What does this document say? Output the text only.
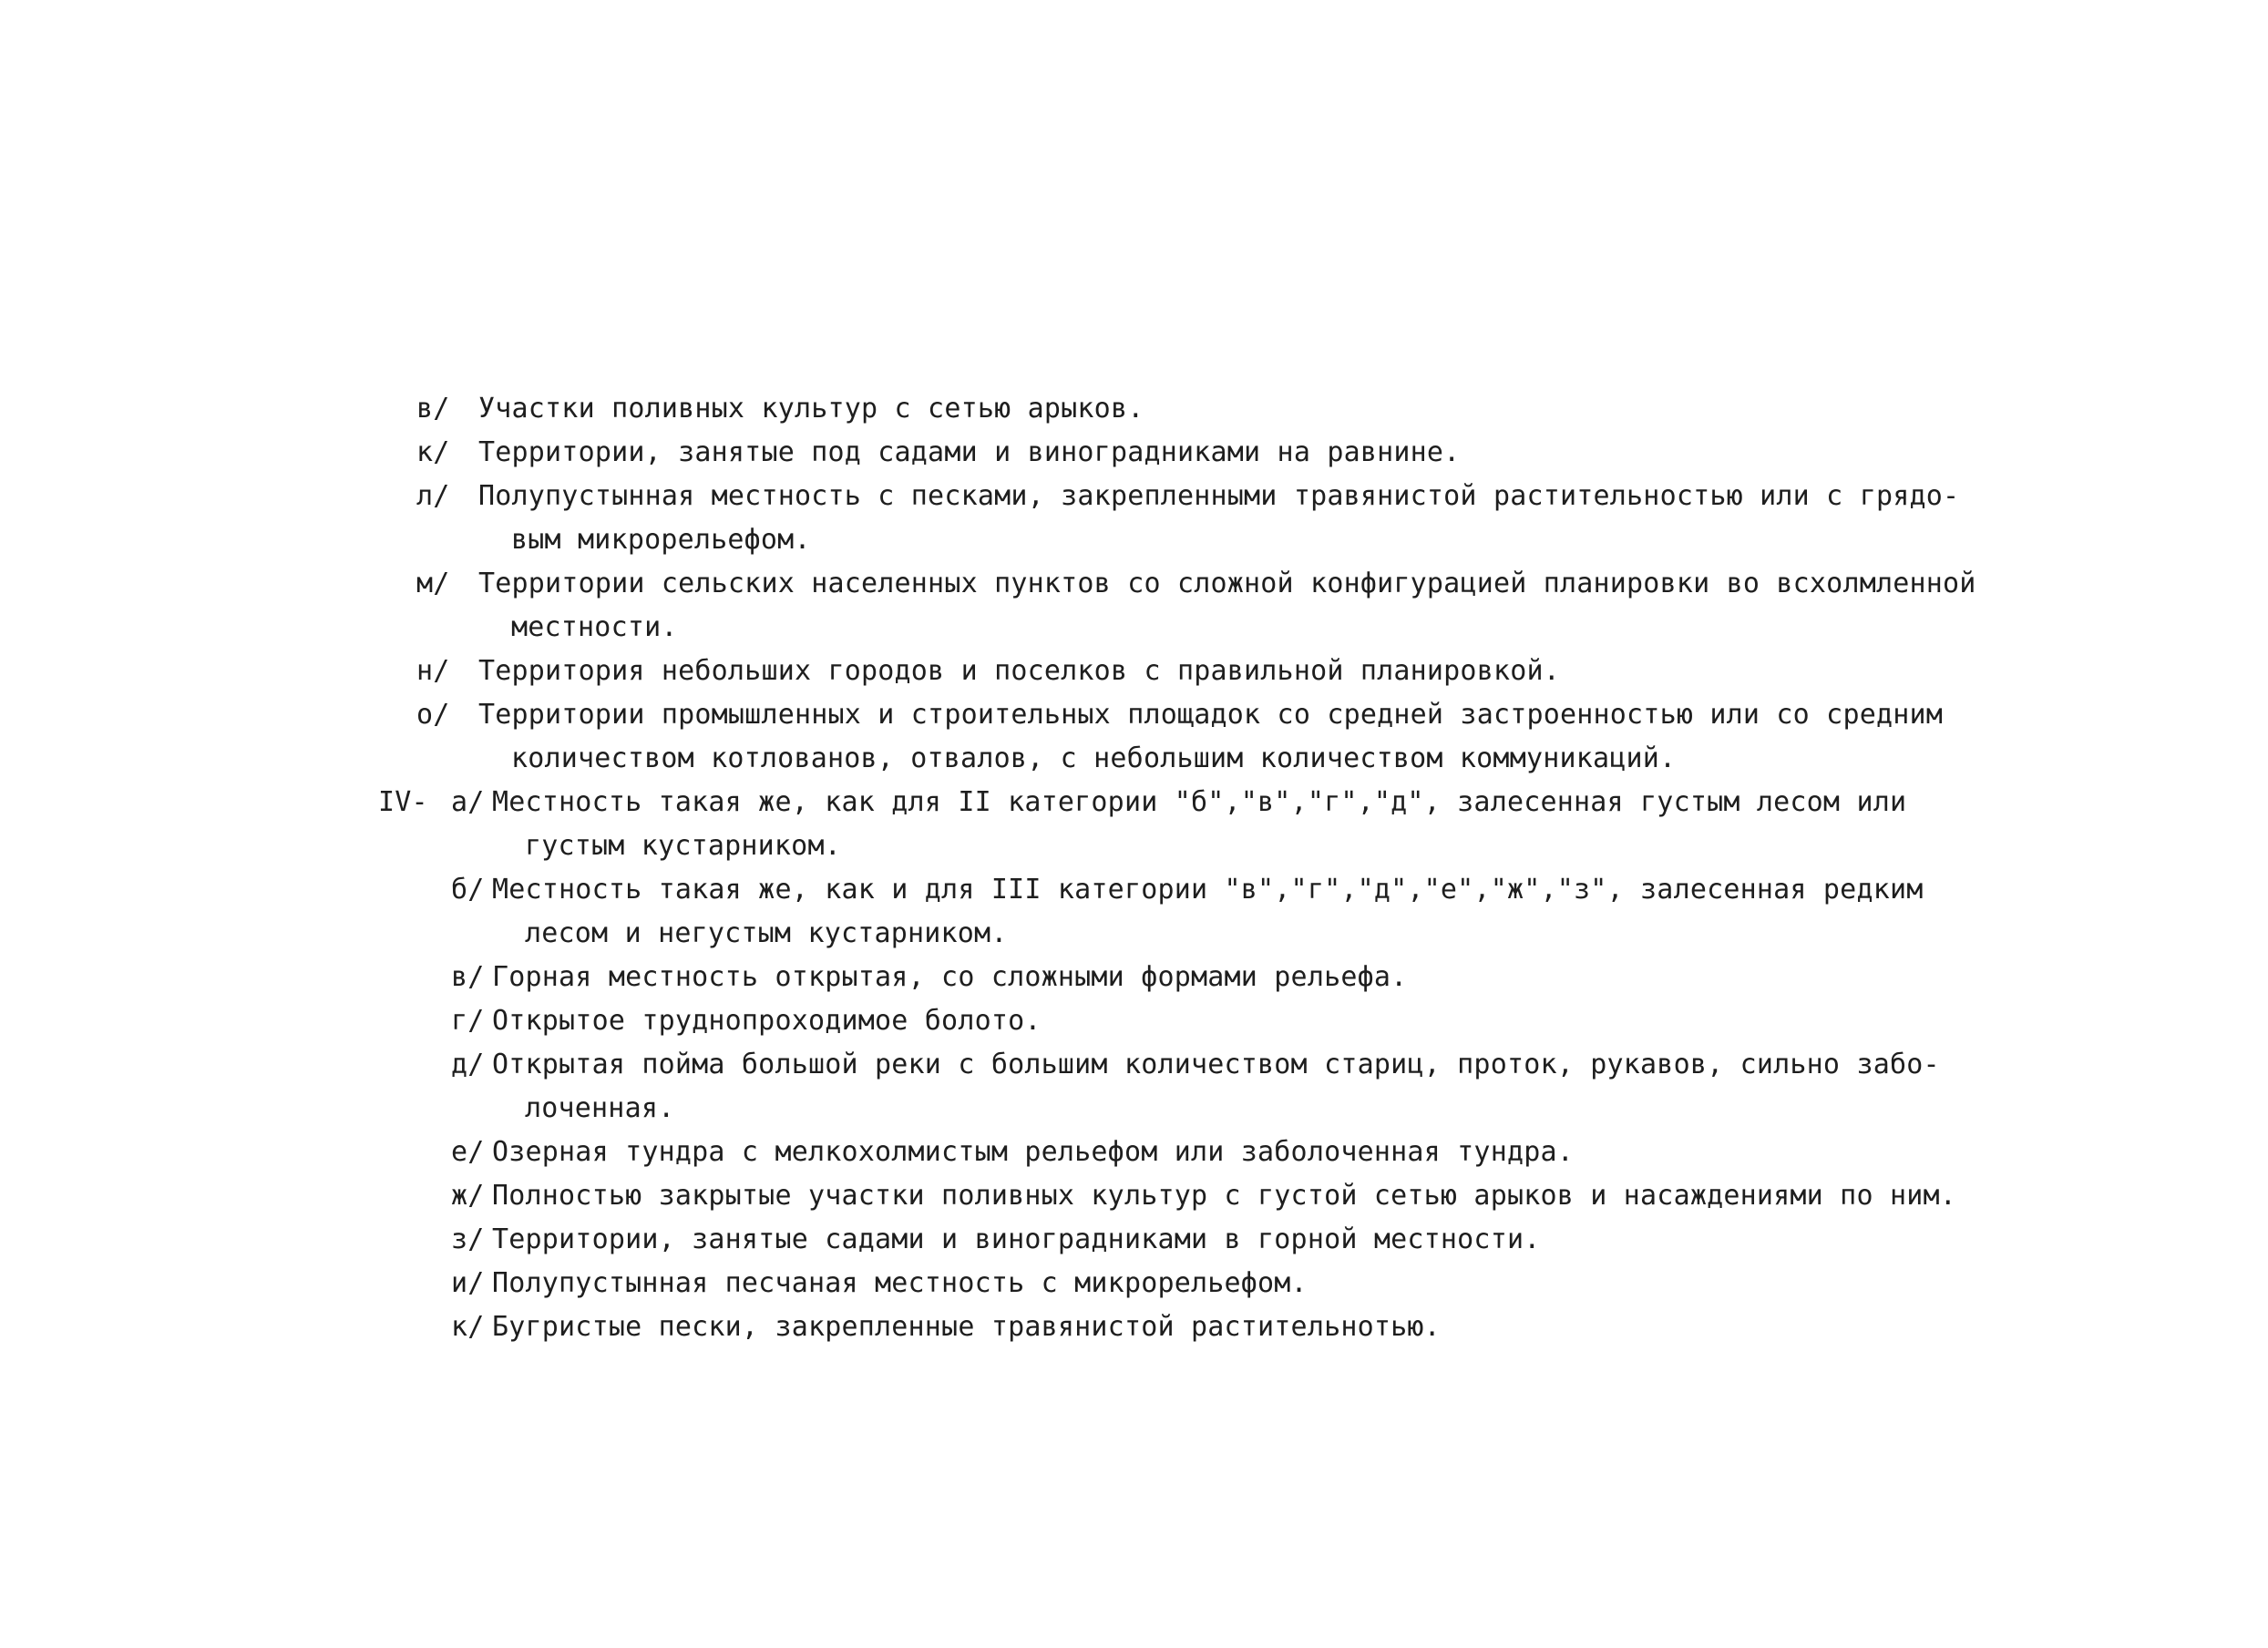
в/ Участки поливных культур с сетью арыков.
к/ Территории, занятые под садами и виноградниками на равнине.
л/ Полупустынная местность с песками, закрепленными травянистой растительностью или с грядо-
вым микрорельефом.
м/ Территории сельских населенных пунктов со сложной конфигурацией планировки во всхолмленной
местности.
н/ Территория небольших городов и поселков с правильной планировкой.
о/ Территории промышленных и строительных площадок со средней застроенностью или со средним
количеством котлованов, отвалов, с небольшим количеством коммуникаций.
IV- а/ Местность такая же, как для II категории "б","в","г","д", залесенная густым лесом или
густым кустарником.
б/ Местность такая же, как и для III категории "в","г","д","е","ж","з", залесенная редким
лесом и негустым кустарником.
в/ Горная местность открытая, со сложными формами рельефа.
г/ Открытое труднопроходимое болото.
д/ Открытая пойма большой реки с большим количеством стариц, проток, рукавов, сильно забо-
лоченная.
е/ Озерная тундра с мелкохолмистым рельефом или заболоченная тундра.
ж/ Полностью закрытые участки поливных культур с густой сетью арыков и насаждениями по ним.
з/ Территории, занятые садами и виноградниками в горной местности.
и/ Полупустынная песчаная местность с микрорельефом.
к/ Бугристые пески, закрепленные травянистой растительнотью.
